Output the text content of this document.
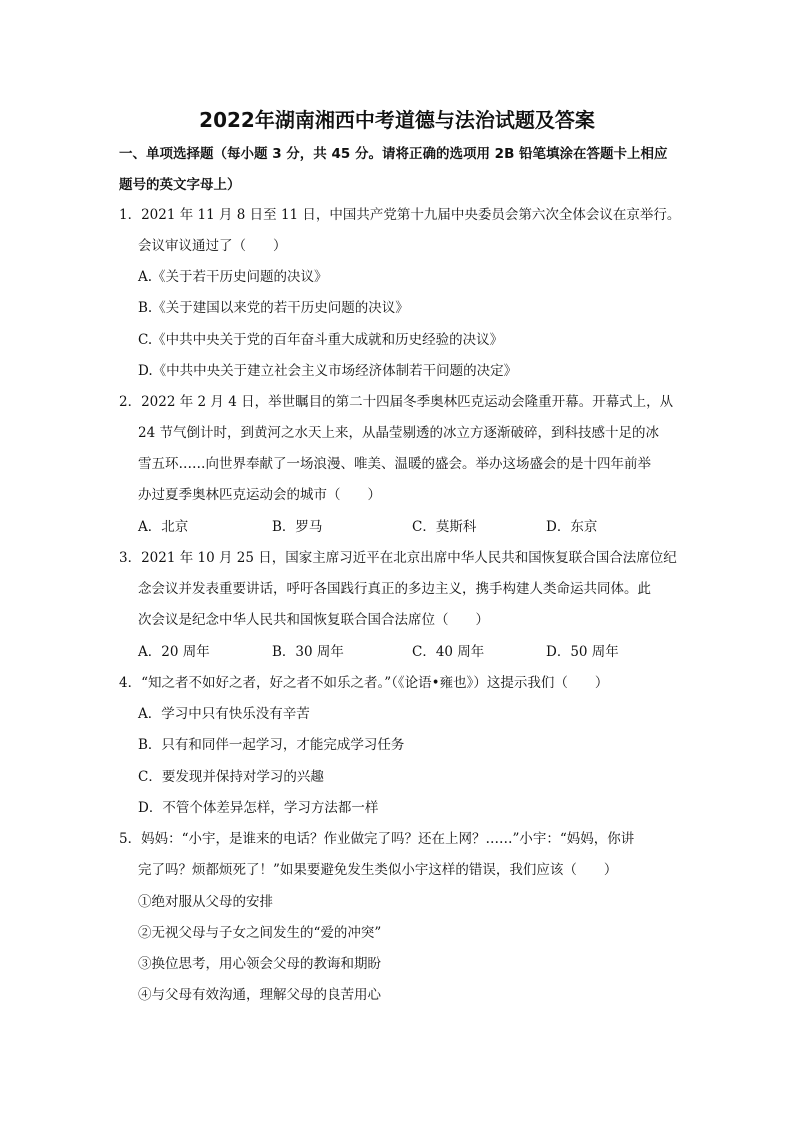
2022年湖南湘西中考道德与法治试题及答案
一、单项选择题（每小题 3 分，共 45 分。请将正确的选项用 2B 铅笔填涂在答题卡上相应
题号的英文字母上）
1．2021 年 11 月 8 日至 11 日，中国共产党第十九届中央委员会第六次全体会议在京举行。
会议审议通过了（　　）
A.《关于若干历史问题的决议》
B.《关于建国以来党的若干历史问题的决议》
C.《中共中央关于党的百年奋斗重大成就和历史经验的决议》
D.《中共中央关于建立社会主义市场经济体制若干问题的决定》
2．2022 年 2 月 4 日，举世瞩目的第二十四届冬季奥林匹克运动会隆重开幕。开幕式上，从
24 节气倒计时，到黄河之水天上来，从晶莹剔透的冰立方逐渐破碎，到科技感十足的冰
雪五环……向世界奉献了一场浪漫、唯美、温暖的盛会。举办这场盛会的是十四年前举
办过夏季奥林匹克运动会的城市（　　）
A．北京	B．罗马	C．莫斯科	D．东京
3．2021 年 10 月 25 日，国家主席习近平在北京出席中华人民共和国恢复联合国合法席位纪
念会议并发表重要讲话，呼吁各国践行真正的多边主义，携手构建人类命运共同体。此
次会议是纪念中华人民共和国恢复联合国合法席位（　　）
A．20 周年	B．30 周年	C．40 周年	D．50 周年
4．“知之者不如好之者，好之者不如乐之者。”（《论语•雍也》）这提示我们（　　）
A．学习中只有快乐没有辛苦
B．只有和同伴一起学习，才能完成学习任务
C．要发现并保持对学习的兴趣
D．不管个体差异怎样，学习方法都一样
5．妈妈：“小宇，是谁来的电话？作业做完了吗？还在上网？……”小宇：“妈妈，你讲
完了吗？烦都烦死了！”如果要避免发生类似小宇这样的错误，我们应该（　　）
①绝对服从父母的安排
②无视父母与子女之间发生的“爱的冲突”
③换位思考，用心领会父母的教诲和期盼
④与父母有效沟通，理解父母的良苦用心
